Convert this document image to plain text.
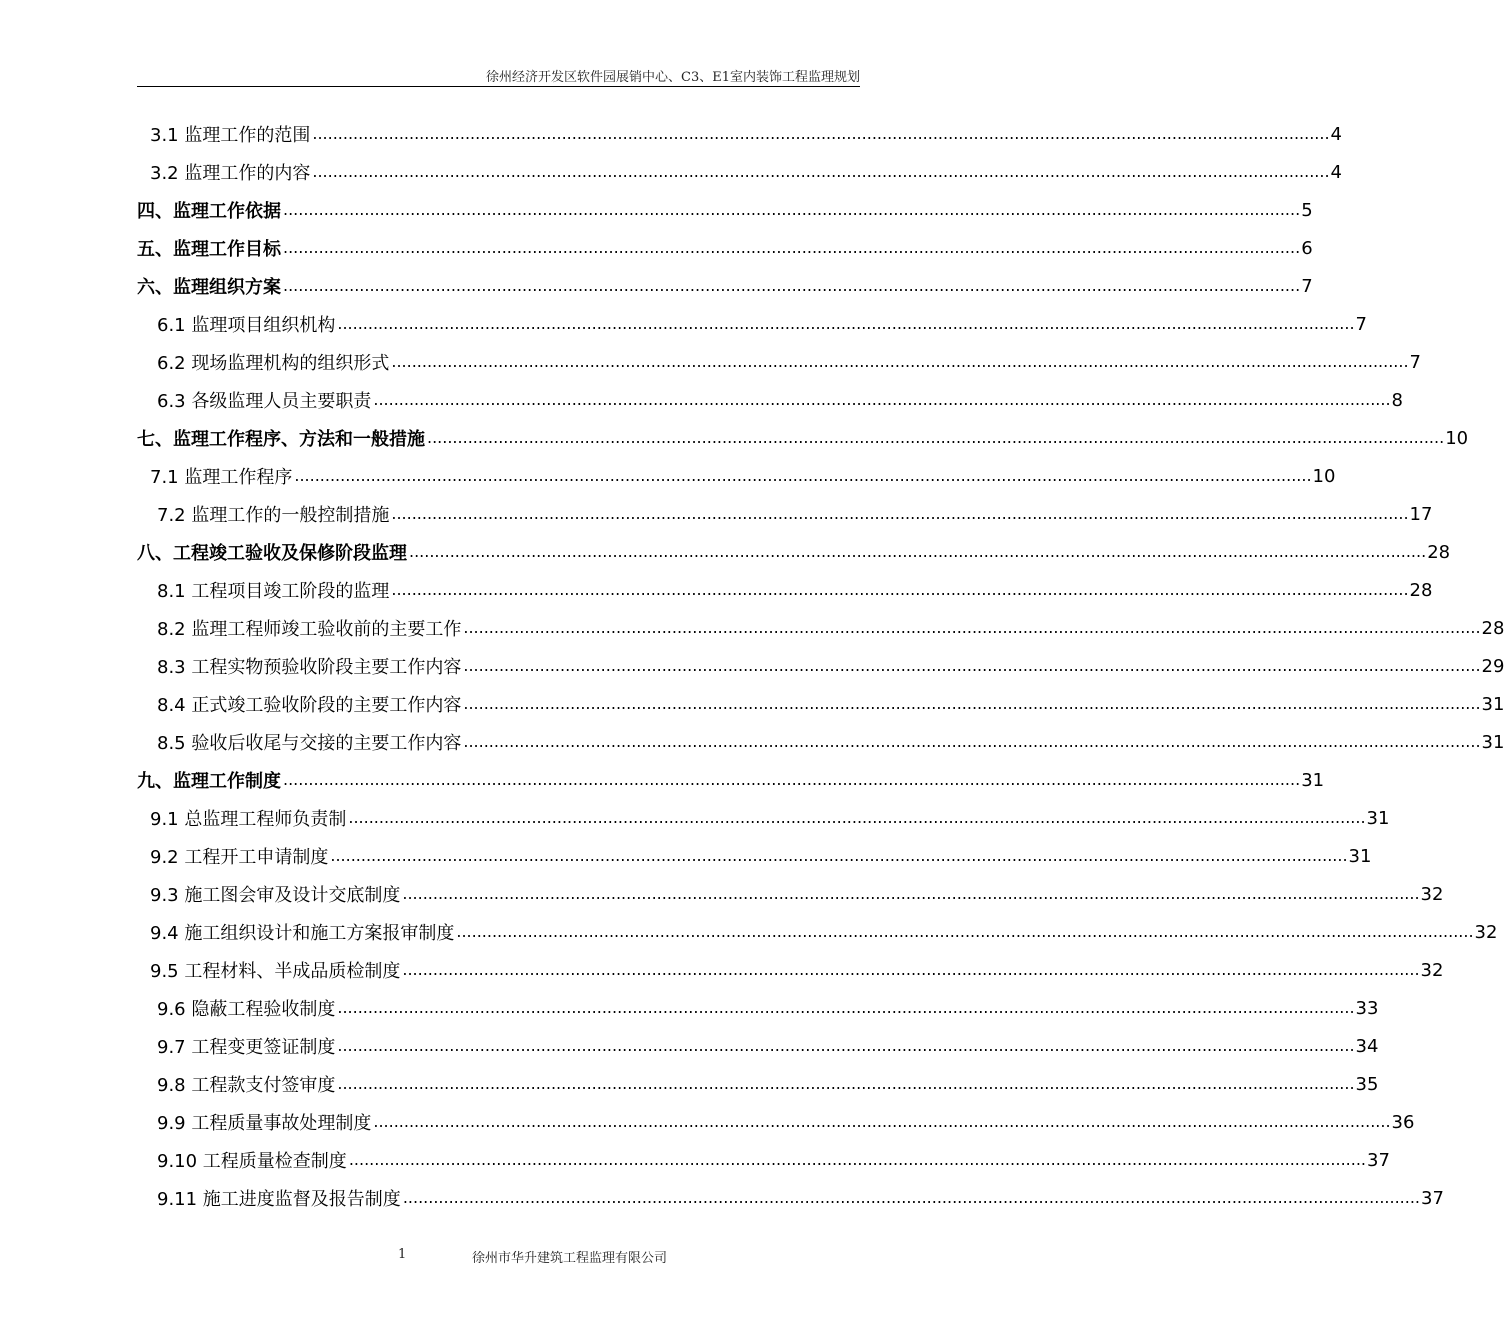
徐州经济开发区软件园展销中心、C3、E1室内装饰工程监理规划
3.1 监理工作的范围 ........................................................................................................................................................................................................ 4
3.2 监理工作的内容 ........................................................................................................................................................................................................ 4
四、监理工作依据 ........................................................................................................................................................................................................ 5
五、监理工作目标 ........................................................................................................................................................................................................ 6
六、监理组织方案 ........................................................................................................................................................................................................ 7
6.1 监理项目组织机构 ........................................................................................................................................................................................................ 7
6.2 现场监理机构的组织形式 ........................................................................................................................................................................................................ 7
6.3 各级监理人员主要职责 ........................................................................................................................................................................................................ 8
七、监理工作程序、方法和一般措施 ........................................................................................................................................................................................................ 10
7.1 监理工作程序 ........................................................................................................................................................................................................ 10
7.2 监理工作的一般控制措施 ........................................................................................................................................................................................................ 17
八、工程竣工验收及保修阶段监理 ........................................................................................................................................................................................................ 28
8.1 工程项目竣工阶段的监理 ........................................................................................................................................................................................................ 28
8.2 监理工程师竣工验收前的主要工作 ........................................................................................................................................................................................................ 28
8.3 工程实物预验收阶段主要工作内容 ........................................................................................................................................................................................................ 29
8.4 正式竣工验收阶段的主要工作内容 ........................................................................................................................................................................................................ 31
8.5 验收后收尾与交接的主要工作内容 ........................................................................................................................................................................................................ 31
九、监理工作制度 ........................................................................................................................................................................................................ 31
9.1 总监理工程师负责制 ........................................................................................................................................................................................................ 31
9.2 工程开工申请制度 ........................................................................................................................................................................................................ 31
9.3 施工图会审及设计交底制度 ........................................................................................................................................................................................................ 32
9.4 施工组织设计和施工方案报审制度 ........................................................................................................................................................................................................ 32
9.5 工程材料、半成品质检制度 ........................................................................................................................................................................................................ 32
9.6 隐蔽工程验收制度 ........................................................................................................................................................................................................ 33
9.7 工程变更签证制度 ........................................................................................................................................................................................................ 34
9.8 工程款支付签审度 ........................................................................................................................................................................................................ 35
9.9 工程质量事故处理制度 ........................................................................................................................................................................................................ 36
9.10 工程质量检查制度 ........................................................................................................................................................................................................ 37
9.11 施工进度监督及报告制度 ........................................................................................................................................................................................................ 37
1	徐州市华升建筑工程监理有限公司
